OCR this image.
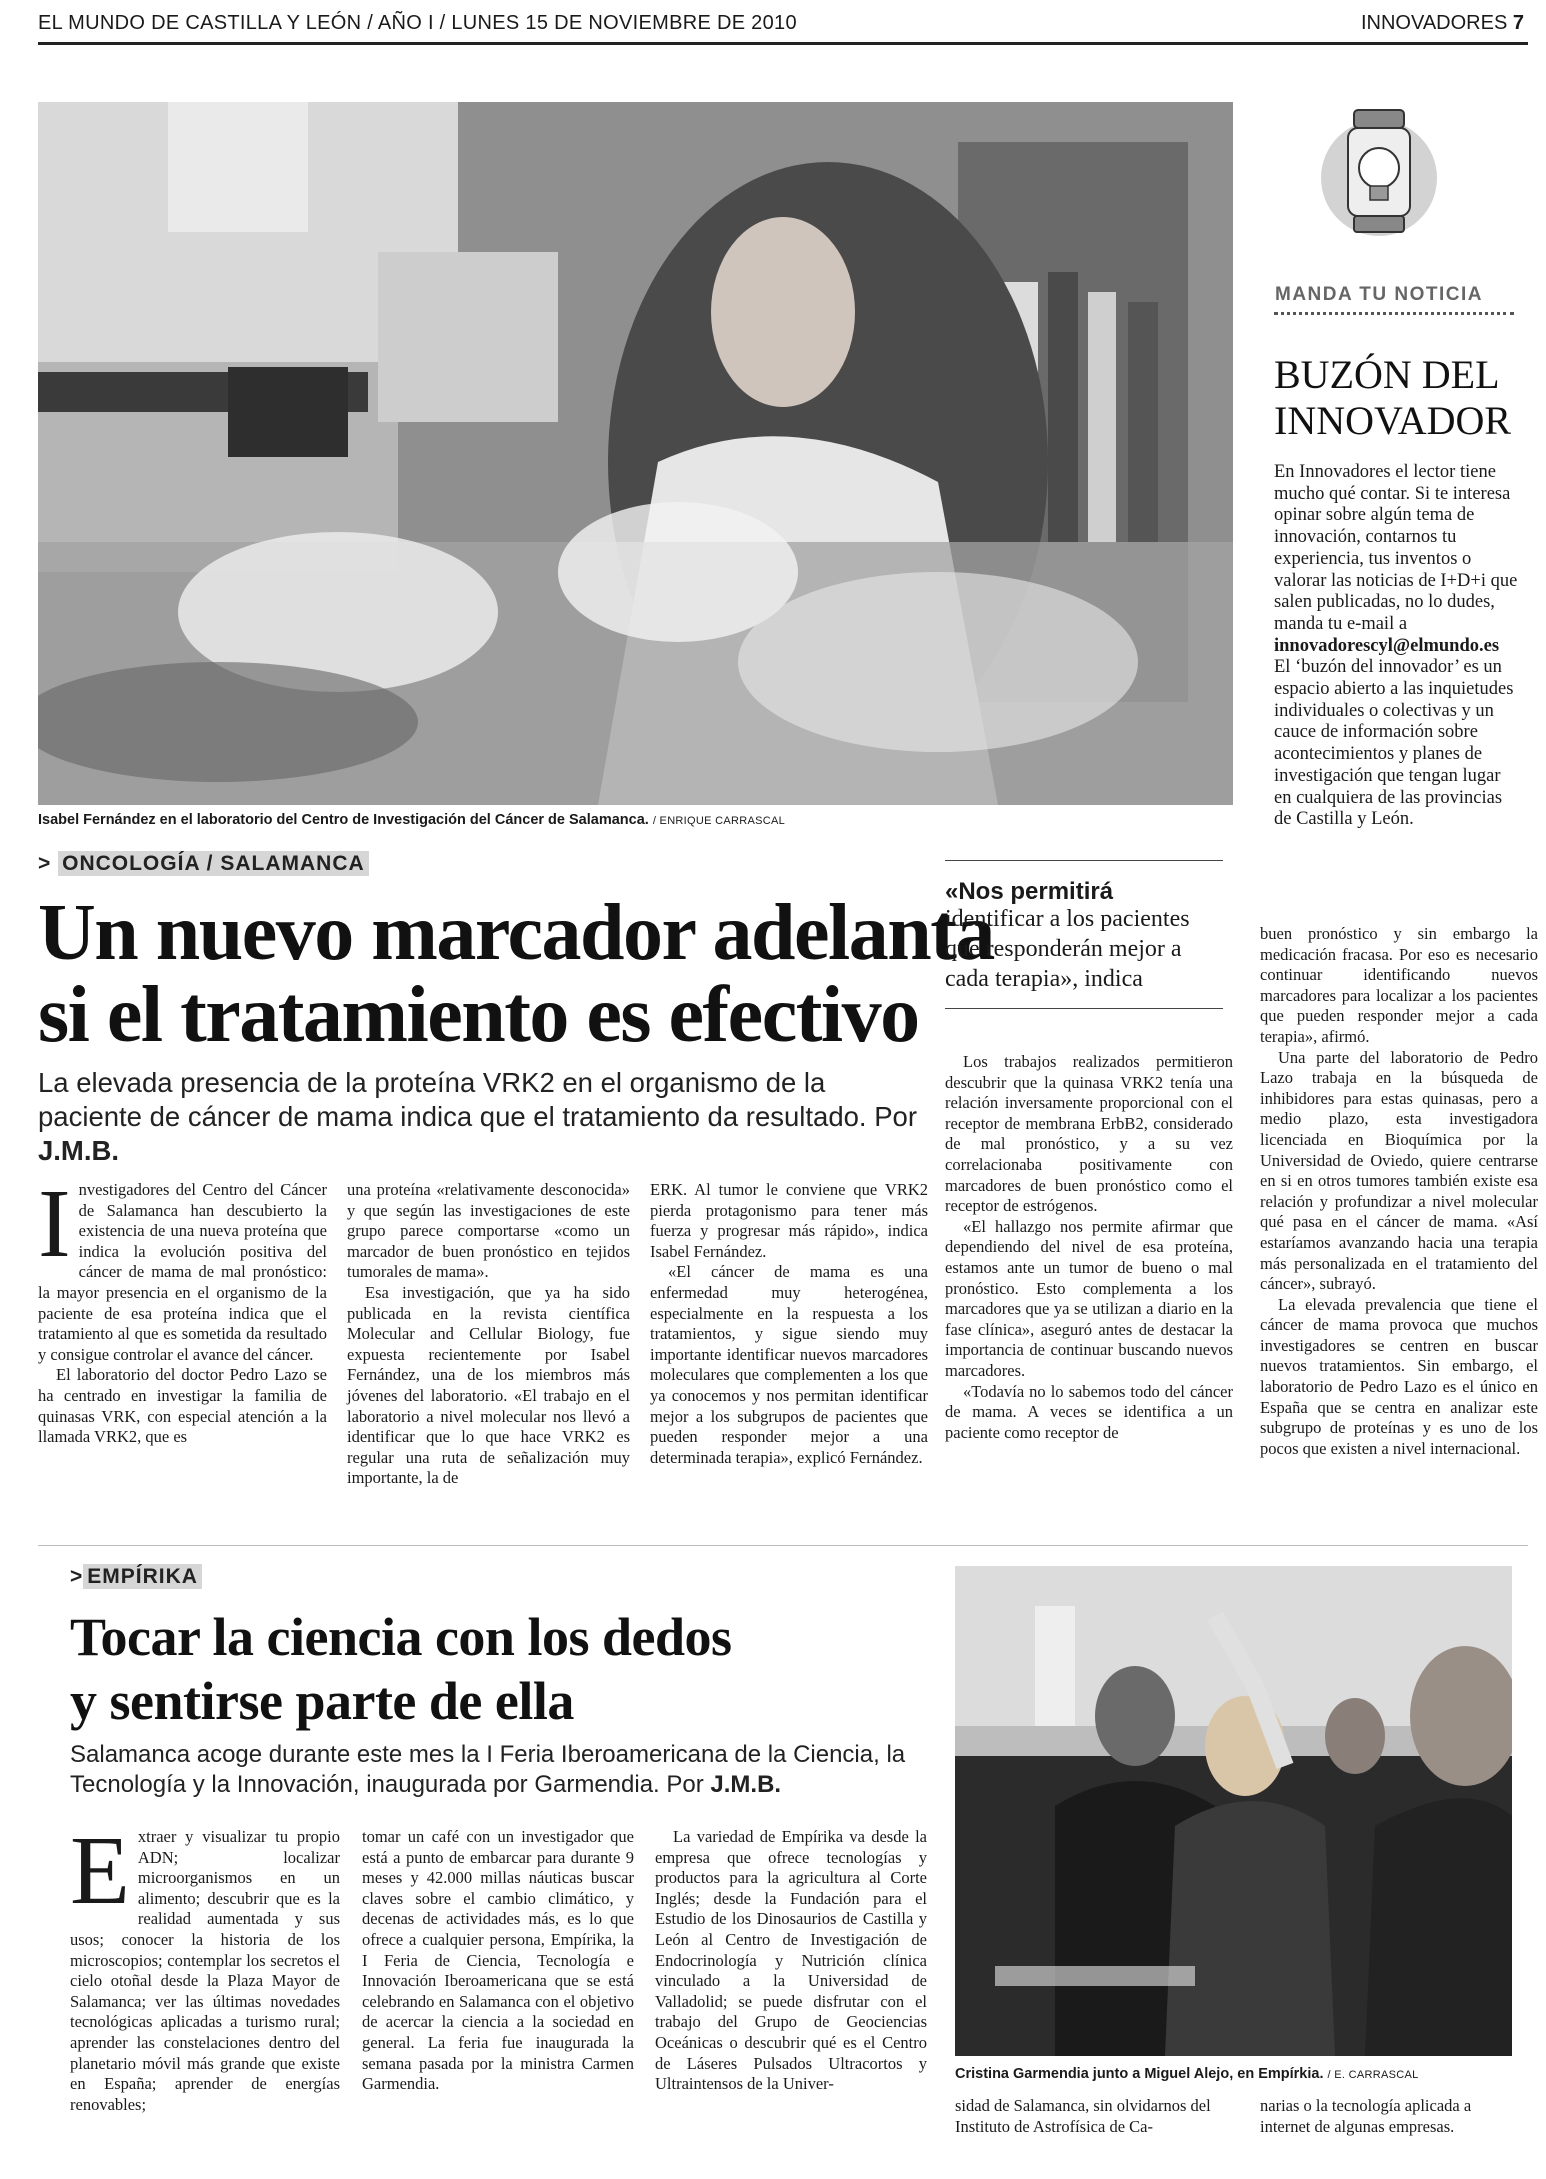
EL MUNDO DE CASTILLA Y LEÓN / AÑO I / LUNES 15 DE NOVIEMBRE DE 2010	INNOVADORES 7
Isabel Fernández en el laboratorio del Centro de Investigación del Cáncer de Salamanca. / ENRIQUE CARRASCAL
MANDA TU NOTICIA
BUZÓN DEL
INNOVADOR
En Innovadores el lector tiene mucho qué contar. Si te interesa opinar sobre algún tema de innovación, contarnos tu experiencia, tus inventos o valorar las noticias de I+D+i que salen publicadas, no lo dudes, manda tu e-mail a innovadorescyl@elmundo.es El ‘buzón del innovador’ es un espacio abierto a las inquietudes individuales o colectivas y un cauce de información sobre acontecimientos y planes de investigación que tengan lugar en cualquiera de las provincias de Castilla y León.
> ONCOLOGÍA / SALAMANCA
Un nuevo marcador adelanta
si el tratamiento es efectivo
La elevada presencia de la proteína VRK2 en el organismo de la paciente de cáncer de mama indica que el tratamiento da resultado. Por J.M.B.

Investigadores del Centro del Cáncer de Salamanca han descubierto la existencia de una nueva proteína que indica la evolución positiva del cáncer de mama de mal pronóstico: la mayor presencia en el organismo de la paciente de esa proteína indica que el tratamiento al que es sometida da resultado y consigue controlar el avance del cáncer.

El laboratorio del doctor Pedro Lazo se ha centrado en investigar la familia de quinasas VRK, con especial atención a la llamada VRK2, que es

una proteína «relativamente desconocida» y que según las investigaciones de este grupo parece comportarse «como un marcador de buen pronóstico en tejidos tumorales de mama».

Esa investigación, que ya ha sido publicada en la revista científica Molecular and Cellular Biology, fue expuesta recientemente por Isabel Fernández, una de los miembros más jóvenes del laboratorio. «El trabajo en el laboratorio a nivel molecular nos llevó a identificar que lo que hace VRK2 es regular una ruta de señalización muy importante, la de

ERK. Al tumor le conviene que VRK2 pierda protagonismo para tener más fuerza y progresar más rápido», indica Isabel Fernández.

«El cáncer de mama es una enfermedad muy heterogénea, especialmente en la respuesta a los tratamientos, y sigue siendo muy importante identificar nuevos marcadores moleculares que complementen a los que ya conocemos y nos permitan identificar mejor a los subgrupos de pacientes que pueden responder mejor a una determinada terapia», explicó Fernández.

«Nos permitirá
identificar a los pacientes que responderán mejor a cada terapia», indica

Los trabajos realizados permitieron descubrir que la quinasa VRK2 tenía una relación inversamente proporcional con el receptor de membrana ErbB2, considerado de mal pronóstico, y a su vez correlacionaba positivamente con marcadores de buen pronóstico como el receptor de estrógenos.

«El hallazgo nos permite afirmar que dependiendo del nivel de esa proteína, estamos ante un tumor de bueno o mal pronóstico. Esto complementa a los marcadores que ya se utilizan a diario en la fase clínica», aseguró antes de destacar la importancia de continuar buscando nuevos marcadores.

«Todavía no lo sabemos todo del cáncer de mama. A veces se identifica a un paciente como receptor de

buen pronóstico y sin embargo la medicación fracasa. Por eso es necesario continuar identificando nuevos marcadores para localizar a los pacientes que pueden responder mejor a cada terapia», afirmó.

Una parte del laboratorio de Pedro Lazo trabaja en la búsqueda de inhibidores para estas quinasas, pero a medio plazo, esta investigadora licenciada en Bioquímica por la Universidad de Oviedo, quiere centrarse en si en otros tumores también existe esa relación y profundizar a nivel molecular qué pasa en el cáncer de mama. «Así estaríamos avanzando hacia una terapia más personalizada en el tratamiento del cáncer», subrayó.

La elevada prevalencia que tiene el cáncer de mama provoca que muchos investigadores se centren en buscar nuevos tratamientos. Sin embargo, el laboratorio de Pedro Lazo es el único en España que se centra en analizar este subgrupo de proteínas y es uno de los pocos que existen a nivel internacional.

> EMPÍRIKA
Tocar la ciencia con los dedos
y sentirse parte de ella
Salamanca acoge durante este mes la I Feria Iberoamericana de la Ciencia, la Tecnología y la Innovación, inaugurada por Garmendia. Por J.M.B.

Extraer y visualizar tu propio ADN; localizar microorganismos en un alimento; descubrir que es la realidad aumentada y sus usos; conocer la historia de los microscopios; contemplar los secretos el cielo otoñal desde la Plaza Mayor de Salamanca; ver las últimas novedades tecnológicas aplicadas a turismo rural; aprender las constelaciones dentro del planetario móvil más grande que existe en España; aprender de energías renovables;

tomar un café con un investigador que está a punto de embarcar para durante 9 meses y 42.000 millas náuticas buscar claves sobre el cambio climático, y decenas de actividades más, es lo que ofrece a cualquier persona, Empírika, la I Feria de Ciencia, Tecnología e Innovación Iberoamericana que se está celebrando en Salamanca con el objetivo de acercar la ciencia a la sociedad en general. La feria fue inaugurada la semana pasada por la ministra Carmen Garmendia.

La variedad de Empírika va desde la empresa que ofrece tecnologías y productos para la agricultura al Corte Inglés; desde la Fundación para el Estudio de los Dinosaurios de Castilla y León al Centro de Investigación de Endocrinología y Nutrición clínica vinculado a la Universidad de Valladolid; se puede disfrutar con el trabajo del Grupo de Geociencias Oceánicas o descubrir qué es el Centro de Láseres Pulsados Ultracortos y Ultraintensos de la Univer-

Cristina Garmendia junto a Miguel Alejo, en Empírkia. / E. CARRASCAL

sidad de Salamanca, sin olvidarnos del Instituto de Astrofísica de Ca-

narias o la tecnología aplicada a internet de algunas empresas.
